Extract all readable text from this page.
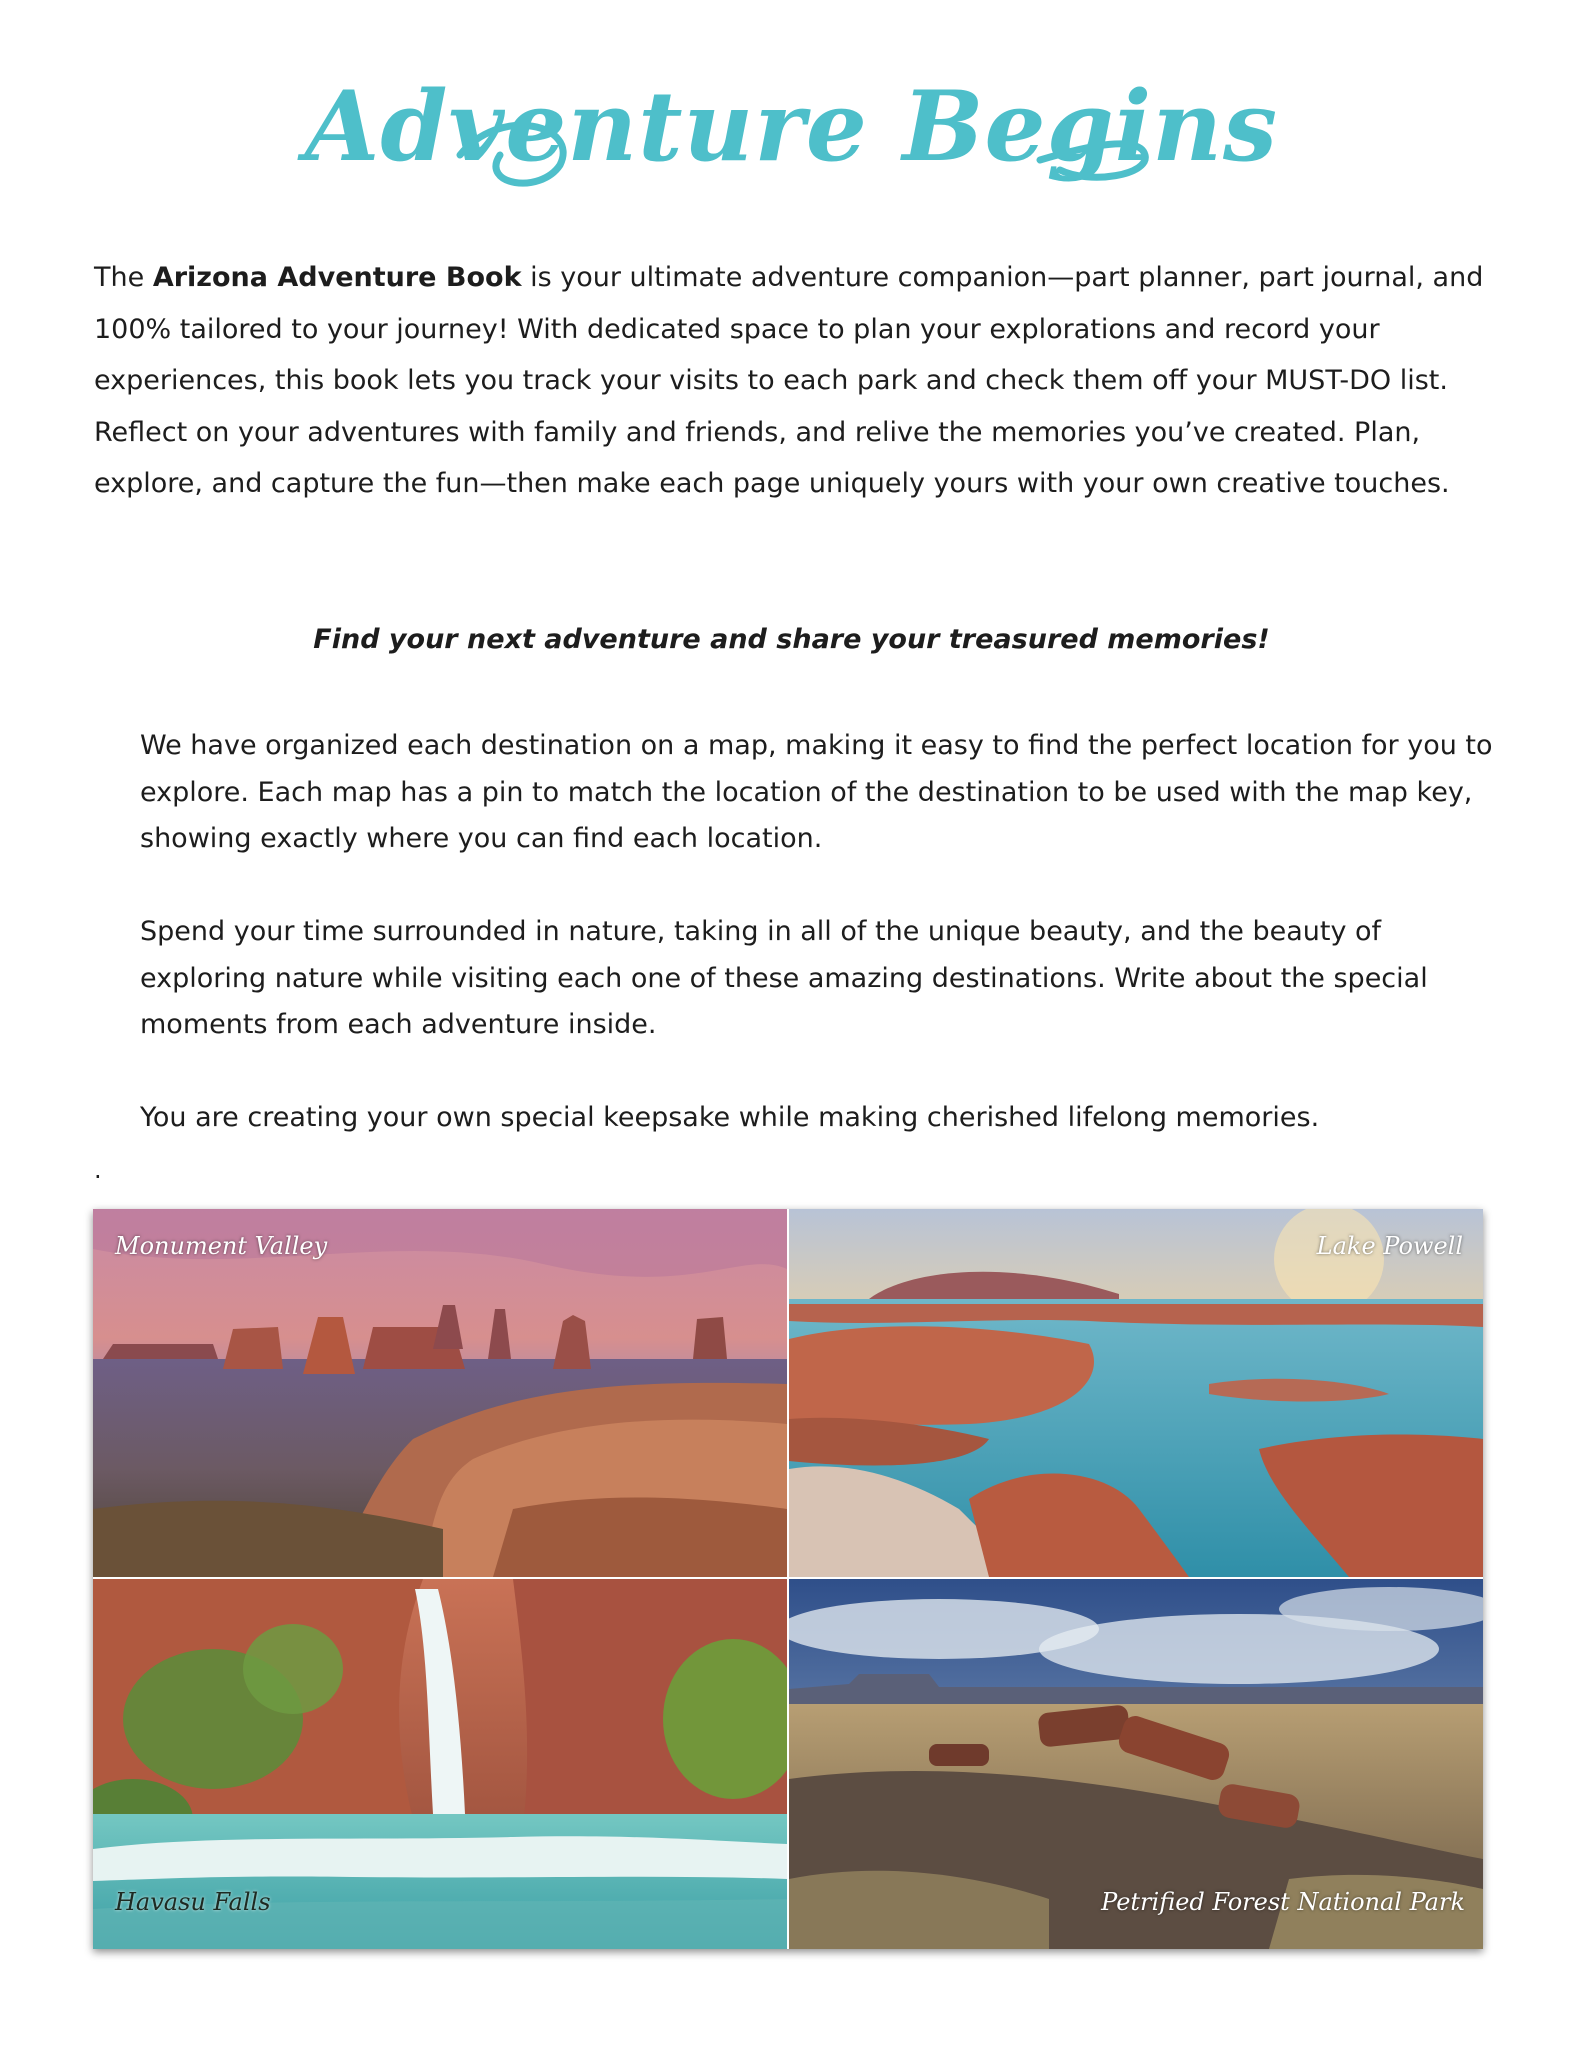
Adventure Begins

The Arizona Adventure Book is your ultimate adventure companion—part planner, part journal, and 100% tailored to your journey! With dedicated space to plan your explorations and record your experiences, this book lets you track your visits to each park and check them off your MUST-DO list. Reflect on your adventures with family and friends, and relive the memories you’ve created. Plan, explore, and capture the fun—then make each page uniquely yours with your own creative touches.

Find your next adventure and share your treasured memories!

We have organized each destination on a map, making it easy to find the perfect location for you to explore. Each map has a pin to match the location of the destination to be used with the map key, showing exactly where you can find each location.

Spend your time surrounded in nature, taking in all of the unique beauty, and the beauty of exploring nature while visiting each one of these amazing destinations. Write about the special moments from each adventure inside.

You are creating your own special keepsake while making cherished lifelong memories.

.
Monument Valley	Lake Powell
Havasu Falls	Petrified Forest National Park
